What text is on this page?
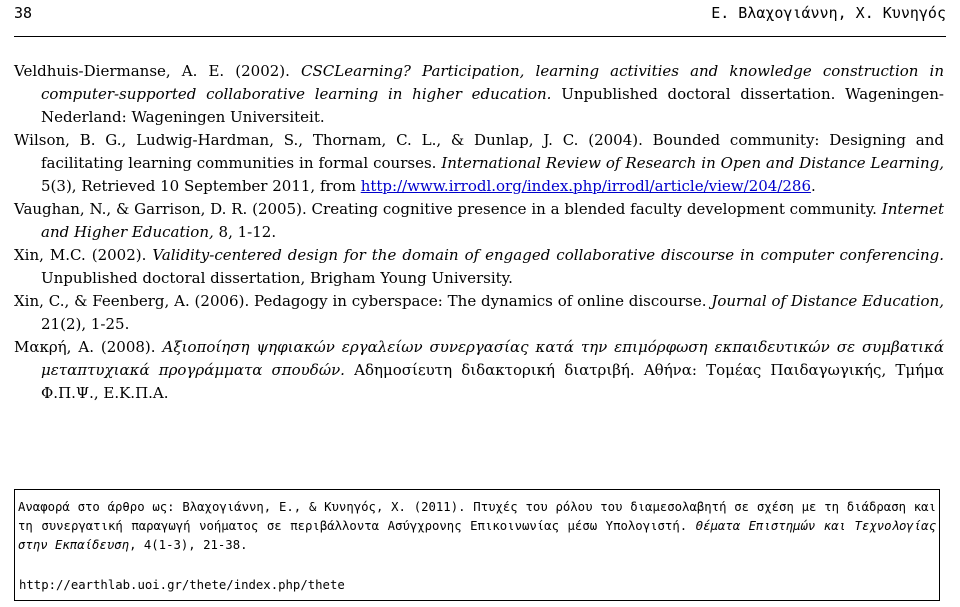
38	Ε. Βλαχογιάννη, Χ. Κυνηγός

Veldhuis-Diermanse, A. E. (2002). CSCLearning? Participation, learning activities and knowledge construction in computer-supported collaborative learning in higher education. Unpublished doctoral dissertation. Wageningen-Nederland: Wageningen Universiteit.

Wilson, B. G., Ludwig-Hardman, S., Thornam, C. L., & Dunlap, J. C. (2004). Bounded community: Designing and facilitating learning communities in formal courses. International Review of Research in Open and Distance Learning, 5(3), Retrieved 10 September 2011, from http://www.irrodl.org/index.php/irrodl/article/view/204/286.

Vaughan, N., & Garrison, D. R. (2005). Creating cognitive presence in a blended faculty development community. Internet and Higher Education, 8, 1-12.

Xin, M.C. (2002). Validity-centered design for the domain of engaged collaborative discourse in computer conferencing. Unpublished doctoral dissertation, Brigham Young University.

Xin, C., & Feenberg, A. (2006). Pedagogy in cyberspace: The dynamics of online discourse. Journal of Distance Education, 21(2), 1-25.

Μακρή, Α. (2008). Αξιοποίηση ψηφιακών εργαλείων συνεργασίας κατά την επιμόρφωση εκπαιδευτικών σε συμβατικά μεταπτυχιακά προγράμματα σπουδών. Αδημοσίευτη διδακτορική διατριβή. Αθήνα: Τομέας Παιδαγωγικής, Τμήμα Φ.Π.Ψ., Ε.Κ.Π.Α.

Αναφορά στο άρθρο ως: Βλαχογιάννη, Ε., & Κυνηγός, Χ. (2011). Πτυχές του ρόλου του διαμεσολαβητή σε σχέση με τη διάδραση και τη συνεργατική παραγωγή νοήματος σε περιβάλλοντα Ασύγχρονης Επικοινωνίας μέσω Υπολογιστή. Θέματα Επιστημών και Τεχνολογίας στην Εκπαίδευση, 4(1-3), 21-38.

http://earthlab.uoi.gr/thete/index.php/thete
